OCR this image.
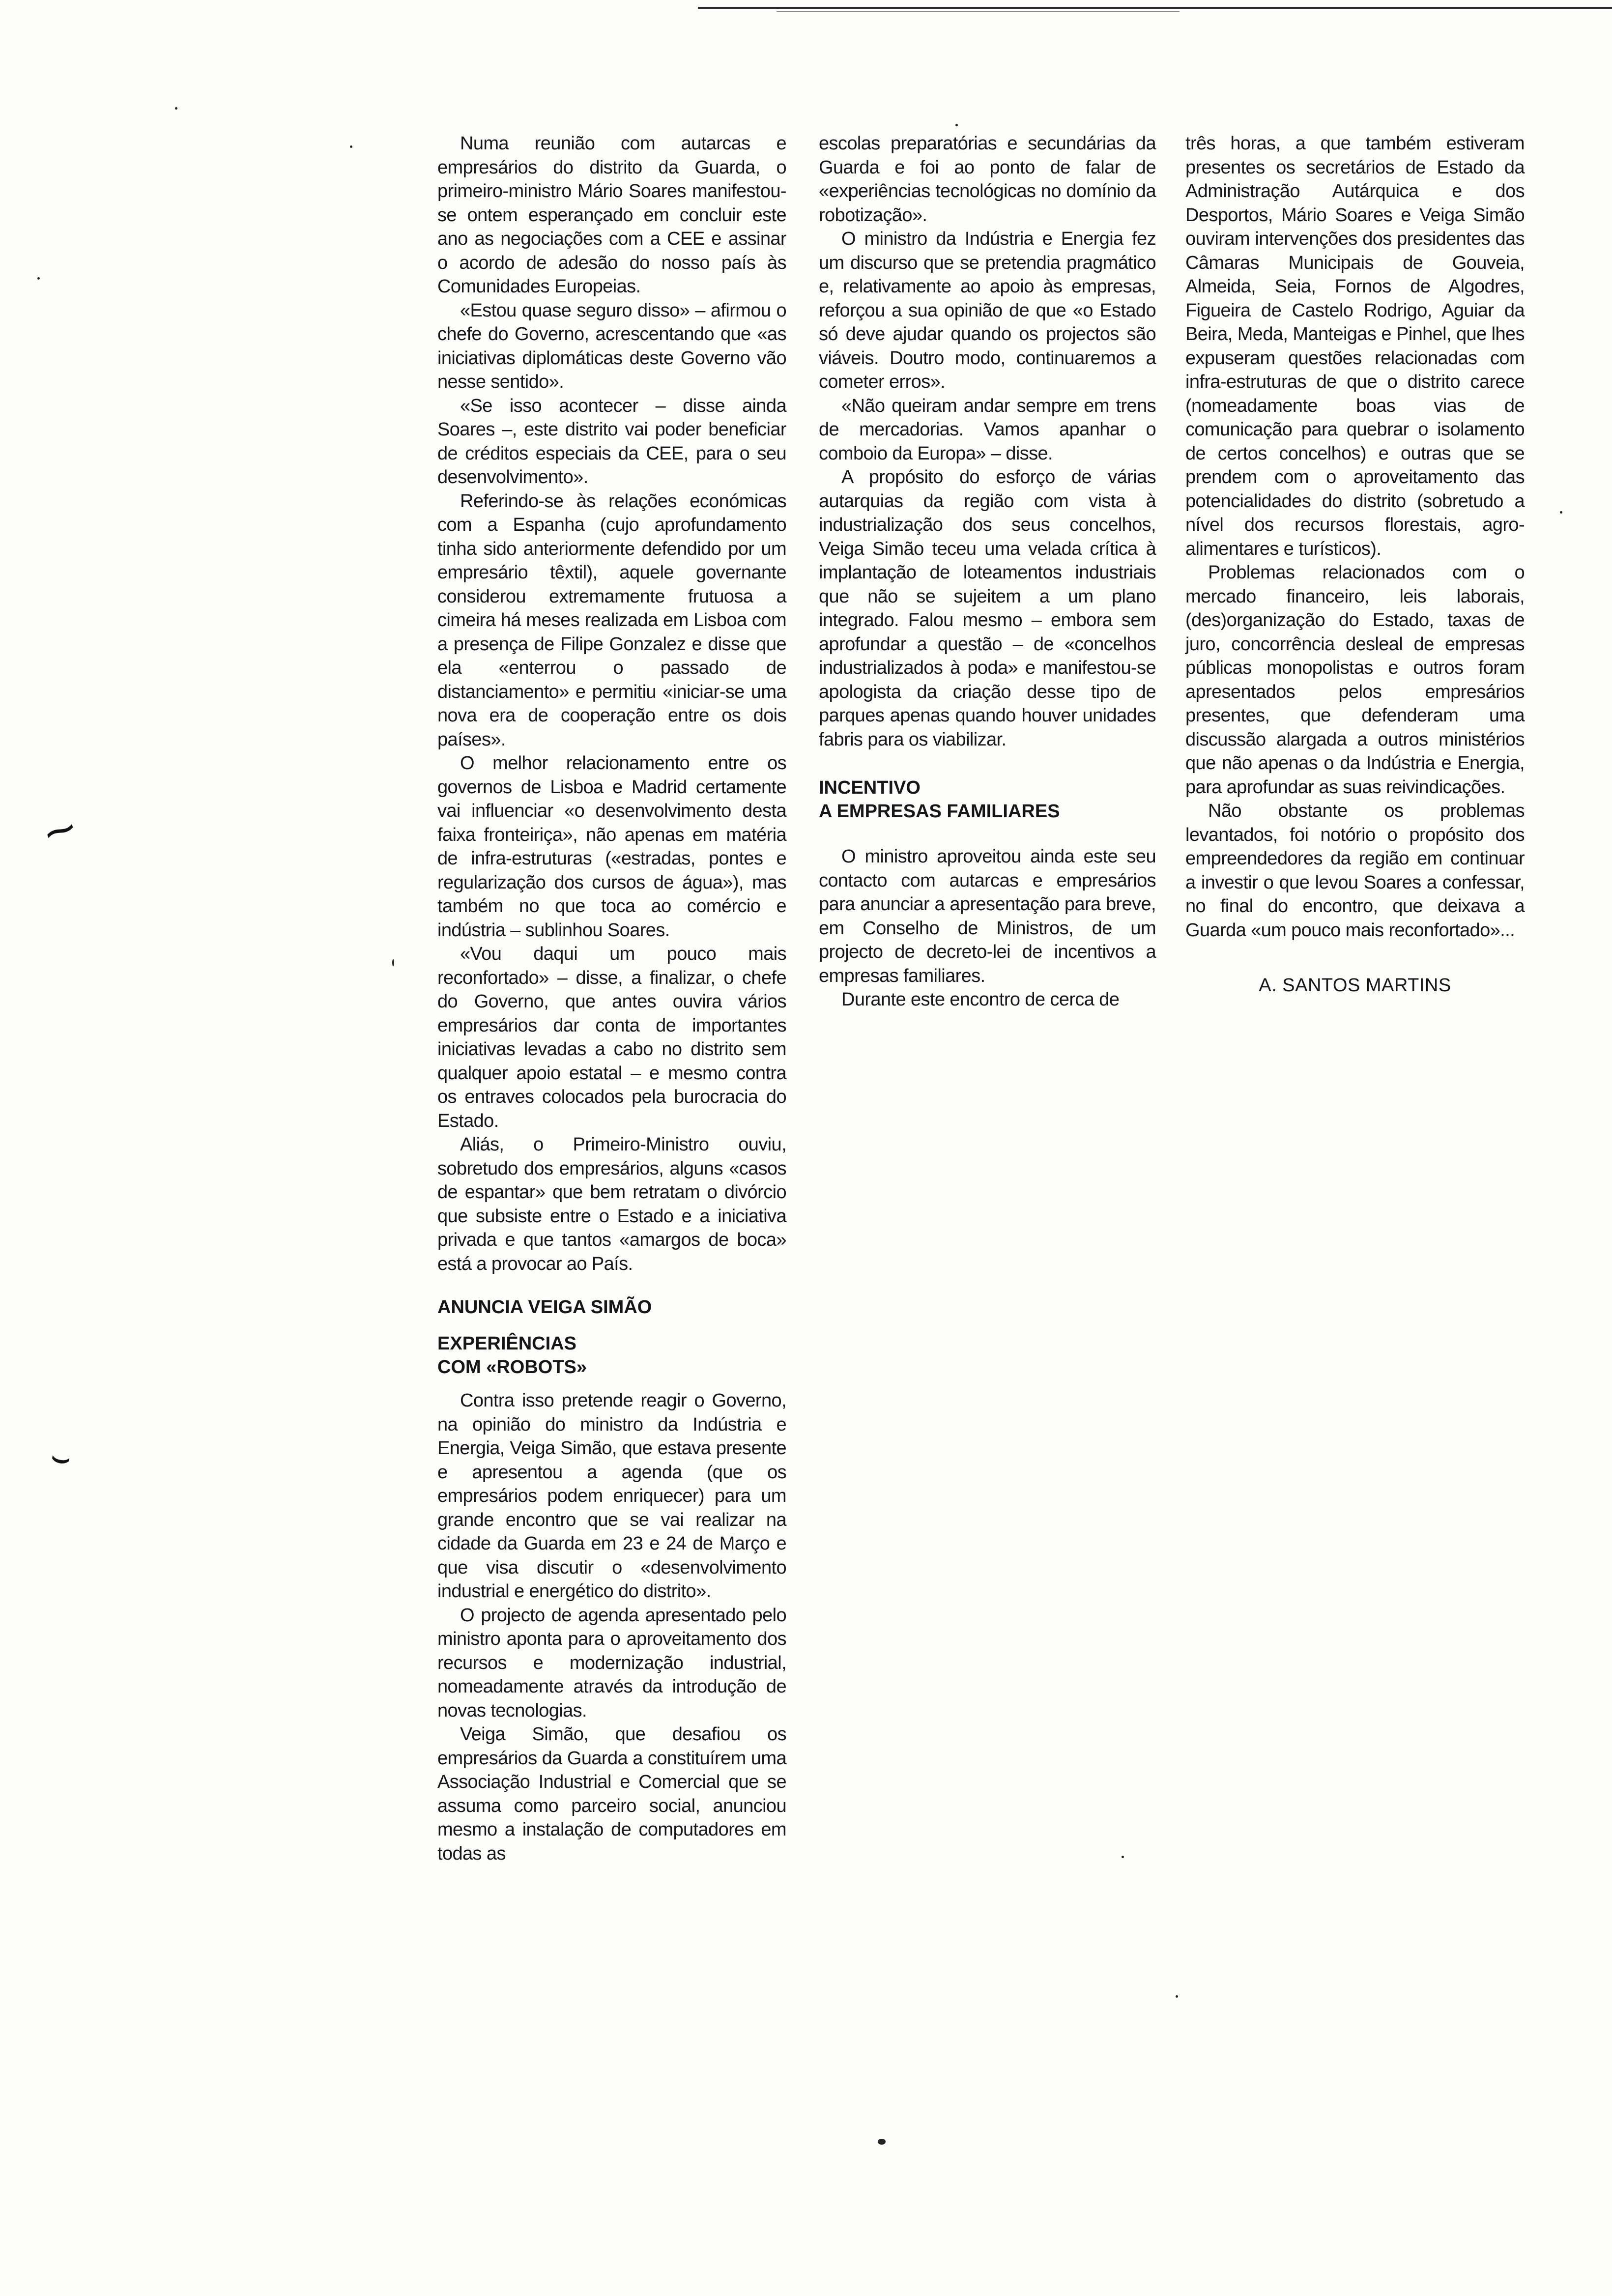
Numa reunião com autarcas e empresários do distrito da Guarda, o primeiro-ministro Mário Soares manifestou-se ontem esperançado em concluir este ano as negociações com a CEE e assinar o acordo de adesão do nosso país às Comunidades Europeias.

«Estou quase seguro disso» – afirmou o chefe do Governo, acrescentando que «as iniciativas diplomáticas deste Governo vão nesse sentido».

«Se isso acontecer – disse ainda Soares –, este distrito vai poder beneficiar de créditos especiais da CEE, para o seu desenvolvimento».

Referindo-se às relações económicas com a Espanha (cujo aprofundamento tinha sido anteriormente defendido por um empresário têxtil), aquele governante considerou extremamente frutuosa a cimeira há meses realizada em Lisboa com a presença de Filipe Gonzalez e disse que ela «enterrou o passado de distanciamento» e permitiu «iniciar-se uma nova era de cooperação entre os dois países».

O melhor relacionamento entre os governos de Lisboa e Madrid certamente vai influenciar «o desenvolvimento desta faixa fronteiriça», não apenas em matéria de infra-estruturas («estradas, pontes e regularização dos cursos de água»), mas também no que toca ao comércio e indústria – sublinhou Soares.

«Vou daqui um pouco mais reconfortado» – disse, a finalizar, o chefe do Governo, que antes ouvira vários empresários dar conta de importantes iniciativas levadas a cabo no distrito sem qualquer apoio estatal – e mesmo contra os entraves colocados pela burocracia do Estado.

Aliás, o Primeiro-Ministro ouviu, sobretudo dos empresários, alguns «casos de espantar» que bem retratam o divórcio que subsiste entre o Estado e a iniciativa privada e que tantos «amargos de boca» está a provocar ao País.

ANUNCIA VEIGA SIMÃO
EXPERIÊNCIAS COM «ROBOTS»

Contra isso pretende reagir o Governo, na opinião do ministro da Indústria e Energia, Veiga Simão, que estava presente e apresentou a agenda (que os empresários podem enriquecer) para um grande encontro que se vai realizar na cidade da Guarda em 23 e 24 de Março e que visa discutir o «desenvolvimento industrial e energético do distrito».

O projecto de agenda apresentado pelo ministro aponta para o aproveitamento dos recursos e modernização industrial, nomeadamente através da introdução de novas tecnologias.

Veiga Simão, que desafiou os empresários da Guarda a constituírem uma Associação Industrial e Comercial que se assuma como parceiro social, anunciou mesmo a instalação de computadores em todas as

escolas preparatórias e secundárias da Guarda e foi ao ponto de falar de «experiências tecnológicas no domínio da robotização».

O ministro da Indústria e Energia fez um discurso que se pretendia pragmático e, relativamente ao apoio às empresas, reforçou a sua opinião de que «o Estado só deve ajudar quando os projectos são viáveis. Doutro modo, continuaremos a cometer erros».

«Não queiram andar sempre em trens de mercadorias. Vamos apanhar o comboio da Europa» – disse.

A propósito do esforço de várias autarquias da região com vista à industrialização dos seus concelhos, Veiga Simão teceu uma velada crítica à implantação de loteamentos industriais que não se sujeitem a um plano integrado. Falou mesmo – embora sem aprofundar a questão – de «concelhos industrializados à poda» e manifestou-se apologista da criação desse tipo de parques apenas quando houver unidades fabris para os viabilizar.

INCENTIVO
A EMPRESAS FAMILIARES

O ministro aproveitou ainda este seu contacto com autarcas e empresários para anunciar a apresentação para breve, em Conselho de Ministros, de um projecto de decreto-lei de incentivos a empresas familiares.

Durante este encontro de cerca de

três horas, a que também estiveram presentes os secretários de Estado da Administração Autárquica e dos Desportos, Mário Soares e Veiga Simão ouviram intervenções dos presidentes das Câmaras Municipais de Gouveia, Almeida, Seia, Fornos de Algodres, Figueira de Castelo Rodrigo, Aguiar da Beira, Meda, Manteigas e Pinhel, que lhes expuseram questões relacionadas com infra-estruturas de que o distrito carece (nomeadamente boas vias de comunicação para quebrar o isolamento de certos concelhos) e outras que se prendem com o aproveitamento das potencialidades do distrito (sobretudo a nível dos recursos florestais, agro-alimentares e turísticos).

Problemas relacionados com o mercado financeiro, leis laborais, (des)organização do Estado, taxas de juro, concorrência desleal de empresas públicas monopolistas e outros foram apresentados pelos empresários presentes, que defenderam uma discussão alargada a outros ministérios que não apenas o da Indústria e Energia, para aprofundar as suas reivindicações.

Não obstante os problemas levantados, foi notório o propósito dos empreendedores da região em continuar a investir o que levou Soares a confessar, no final do encontro, que deixava a Guarda «um pouco mais reconfortado»...

A. SANTOS MARTINS
⁓
⌣
